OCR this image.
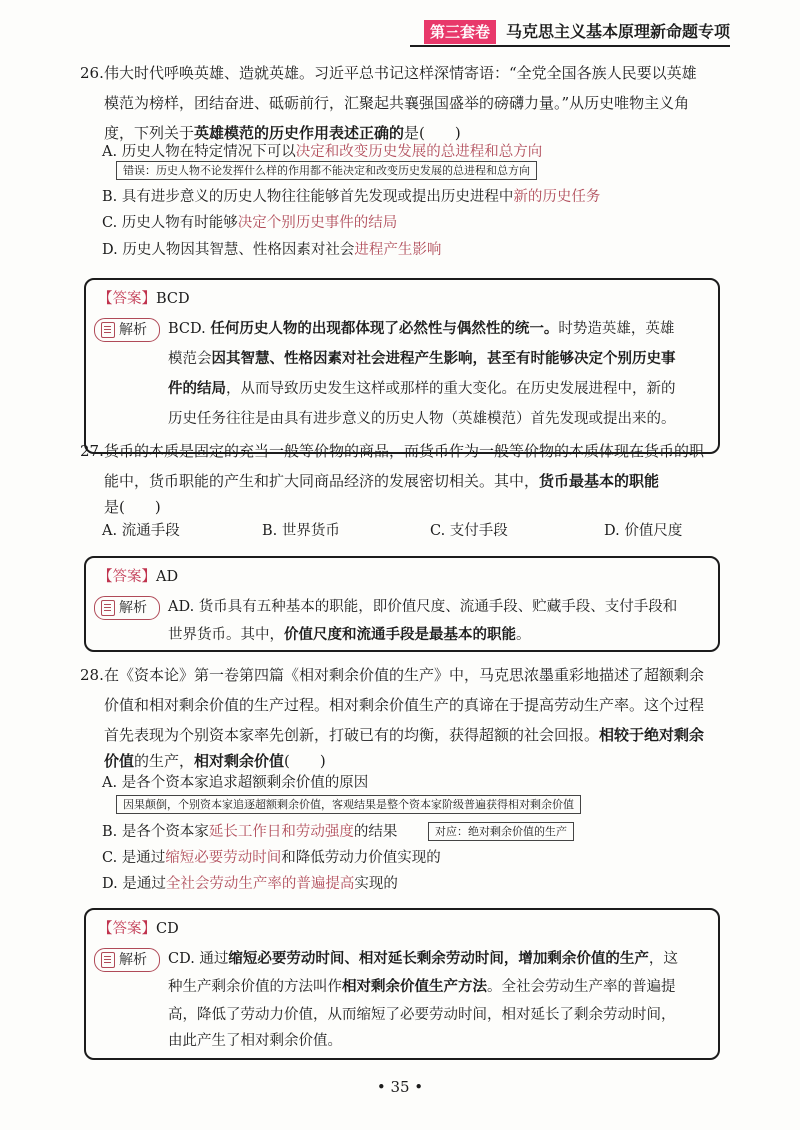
第三套卷 马克思主义基本原理新命题专项
26. 伟大时代呼唤英雄、造就英雄。习近平总书记这样深情寄语：“全党全国各族人民要以英雄
模范为榜样，团结奋进、砥砺前行，汇聚起共襄强国盛举的磅礴力量。”从历史唯物主义角
度，下列关于英雄模范的历史作用表述正确的是(　　)
A. 历史人物在特定情况下可以决定和改变历史发展的总进程和总方向
错误：历史人物不论发挥什么样的作用都不能决定和改变历史发展的总进程和总方向
B. 具有进步意义的历史人物往往能够首先发现或提出历史进程中新的历史任务
C. 历史人物有时能够决定个别历史事件的结局
D. 历史人物因其智慧、性格因素对社会进程产生影响
【答案】BCD
解析 BCD. 任何历史人物的出现都体现了必然性与偶然性的统一。时势造英雄，英雄
模范会因其智慧、性格因素对社会进程产生影响，甚至有时能够决定个别历史事
件的结局，从而导致历史发生这样或那样的重大变化。在历史发展进程中，新的
历史任务往往是由具有进步意义的历史人物（英雄模范）首先发现或提出来的。
27. 货币的本质是固定的充当一般等价物的商品，而货币作为一般等价物的本质体现在货币的职
能中，货币职能的产生和扩大同商品经济的发展密切相关。其中，货币最基本的职能
是(　　)
A. 流通手段	B. 世界货币	C. 支付手段	D. 价值尺度
【答案】AD
解析 AD. 货币具有五种基本的职能，即价值尺度、流通手段、贮藏手段、支付手段和
世界货币。其中，价值尺度和流通手段是最基本的职能。
28. 在《资本论》第一卷第四篇《相对剩余价值的生产》中，马克思浓墨重彩地描述了超额剩余
价值和相对剩余价值的生产过程。相对剩余价值生产的真谛在于提高劳动生产率。这个过程
首先表现为个别资本家率先创新，打破已有的均衡，获得超额的社会回报。相较于绝对剩余
价值的生产，相对剩余价值(　　)
A. 是各个资本家追求超额剩余价值的原因
因果颠倒，个别资本家追逐超额剩余价值，客观结果是整个资本家阶级普遍获得相对剩余价值
B. 是各个资本家延长工作日和劳动强度的结果	对应：绝对剩余价值的生产
C. 是通过缩短必要劳动时间和降低劳动力价值实现的
D. 是通过全社会劳动生产率的普遍提高实现的
【答案】CD
解析 CD. 通过缩短必要劳动时间、相对延长剩余劳动时间，增加剩余价值的生产，这
种生产剩余价值的方法叫作相对剩余价值生产方法。全社会劳动生产率的普遍提
高，降低了劳动力价值，从而缩短了必要劳动时间，相对延长了剩余劳动时间，
由此产生了相对剩余价值。
• 35 •
